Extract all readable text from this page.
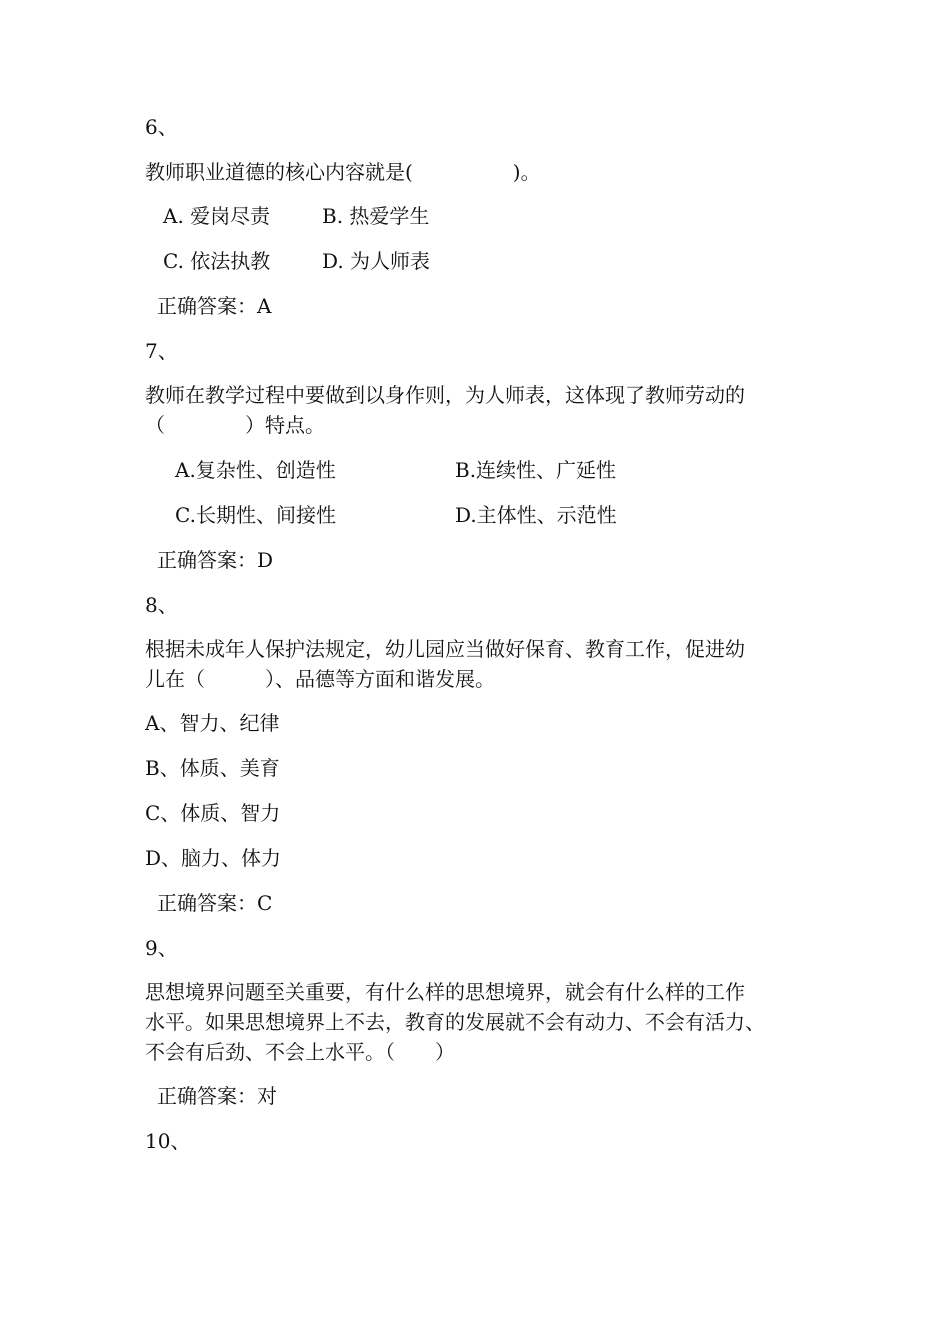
6、
教师职业道德的核心内容就是(　　　　　)。
A. 爱岗尽责	B. 热爱学生
C. 依法执教	D. 为人师表
正确答案：A
7、
教师在教学过程中要做到以身作则，为人师表，这体现了教师劳动的
（　　　　）特点。
A.复杂性、创造性	B.连续性、广延性
C.长期性、间接性	D.主体性、示范性
正确答案：D
8、
根据未成年人保护法规定，幼儿园应当做好保育、教育工作，促进幼
儿在（　　　）、品德等方面和谐发展。
A、智力、纪律
B、体质、美育
C、体质、智力
D、脑力、体力
正确答案：C
9、
思想境界问题至关重要，有什么样的思想境界，就会有什么样的工作
水平。如果思想境界上不去，教育的发展就不会有动力、不会有活力、
不会有后劲、不会上水平。（　　）
正确答案：对
10、
